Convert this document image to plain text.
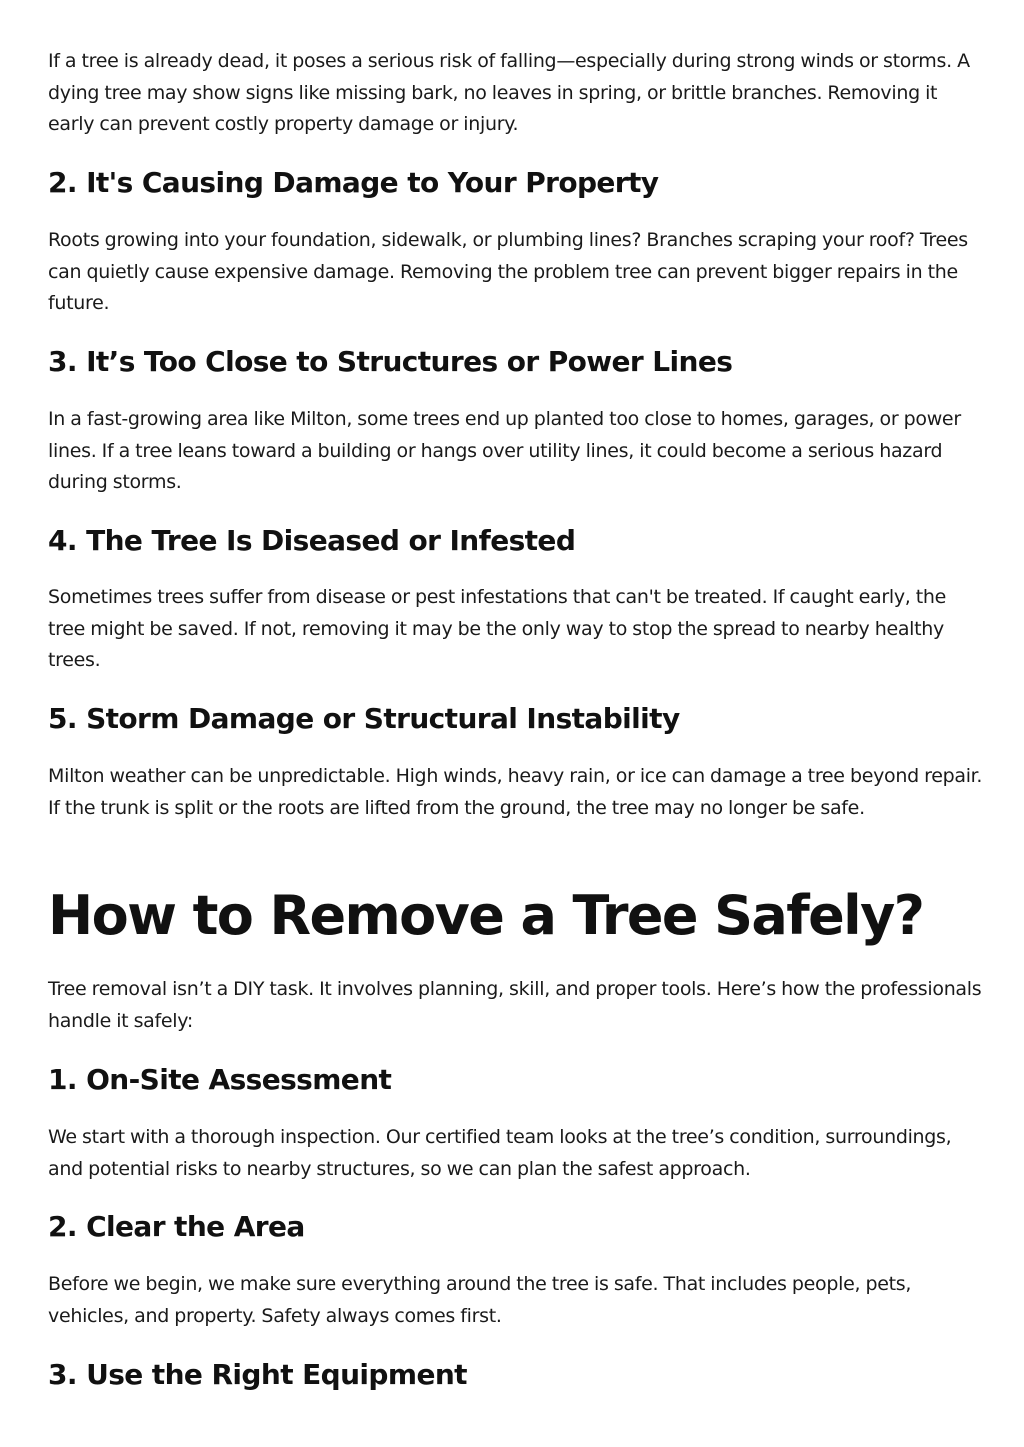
If a tree is already dead, it poses a serious risk of falling—especially during strong winds or storms. A dying tree may show signs like missing bark, no leaves in spring, or brittle branches. Removing it early can prevent costly property damage or injury.

2. It's Causing Damage to Your Property

Roots growing into your foundation, sidewalk, or plumbing lines? Branches scraping your roof? Trees can quietly cause expensive damage. Removing the problem tree can prevent bigger repairs in the future.

3. It’s Too Close to Structures or Power Lines

In a fast-growing area like Milton, some trees end up planted too close to homes, garages, or power lines. If a tree leans toward a building or hangs over utility lines, it could become a serious hazard during storms.

4. The Tree Is Diseased or Infested

Sometimes trees suffer from disease or pest infestations that can't be treated. If caught early, the tree might be saved. If not, removing it may be the only way to stop the spread to nearby healthy trees.

5. Storm Damage or Structural Instability

Milton weather can be unpredictable. High winds, heavy rain, or ice can damage a tree beyond repair. If the trunk is split or the roots are lifted from the ground, the tree may no longer be safe.

How to Remove a Tree Safely?

Tree removal isn’t a DIY task. It involves planning, skill, and proper tools. Here’s how the professionals handle it safely:

1. On-Site Assessment

We start with a thorough inspection. Our certified team looks at the tree’s condition, surroundings, and potential risks to nearby structures, so we can plan the safest approach.

2. Clear the Area

Before we begin, we make sure everything around the tree is safe. That includes people, pets, vehicles, and property. Safety always comes first.

3. Use the Right Equipment
